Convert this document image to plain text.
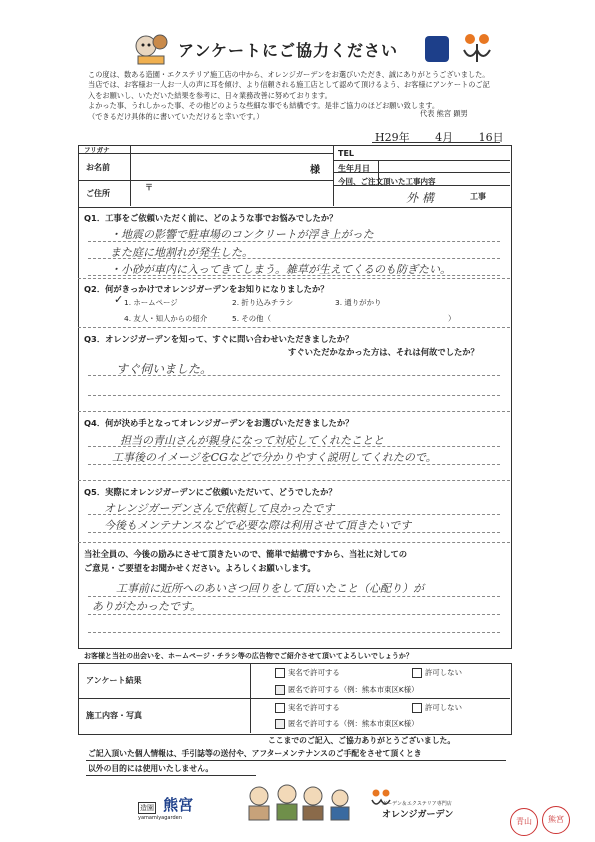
アンケートにご協力ください
この度は、数ある造園・エクステリア施工店の中から、オレンジガーデンをお選びいただき、誠にありがとうございました。
当店では、お客様お一人お一人の声に耳を傾け、より信頼される施工店として認めて頂けるよう、お客様にアンケートのご記
入をお願いし、いただいた結果を参考に、日々業務改善に努めております。
よかった事、うれしかった事、その他どのような些細な事でも結構です。是非ご協力のほどお願い致します。
（できるだけ具体的に書いていただけると幸いです。）	代表 熊宮 顕男
H29年 4月 16日
フリガナ
お名前	様
ご住所
〒
TEL
生年月日
今回、ご注文頂いた工事内容
外 構	工事
Q1．工事をご依頼いただく前に、どのような事でお悩みでしたか？
・地震の影響で駐車場のコンクリートが浮き上がった
また庭に地割れが発生した。
・小砂が車内に入ってきてしまう。雑草が生えてくるのも防ぎたい。
Q2．何がきっかけでオレンジガーデンをお知りになりましたか？
1. ホームページ
✓	2. 折り込みチラシ	3. 通りがかり
4. 友人・知人からの紹介	5. その他（	）
Q3．オレンジガーデンを知って、すぐに問い合わせいただきましたか？
すぐいただかなかった方は、それは何故でしたか？
すぐ伺いました。
Q4．何が決め手となってオレンジガーデンをお選びいただきましたか？
担当の青山さんが親身になって対応してくれたことと
工事後のイメージをCGなどで分かりやすく説明してくれたので。
Q5．実際にオレンジガーデンにご依頼いただいて、どうでしたか？
オレンジガーデンさんで依頼して良かったです
今後もメンテナンスなどで必要な際は利用させて頂きたいです
当社全員の、今後の励みにさせて頂きたいので、簡単で結構ですから、当社に対しての
ご意見・ご要望をお聞かせください。よろしくお願いします。
工事前に近所へのあいさつ回りをして頂いたこと（心配り）が
ありがたかったです。
お客様と当社の出会いを、ホームページ・チラシ等の広告物でご紹介させて頂いてよろしいでしょうか？
アンケート結果
実名で許可する	許可しない
匿名で許可する（例：熊本市東区K様）
施工内容・写真
実名で許可する	許可しない
匿名で許可する（例：熊本市東区K様）
ここまでのご記入、ご協力ありがとうございました。
ご記入頂いた個人情報は、手引誌等の送付や、アフターメンテナンスのご手配をさせて頂くとき
以外の目的には使用いたしません。
造園 熊宮
yamamiyagarden
ガーデン＆エクステリア専門店
オレンジガーデン
青山	熊宮
